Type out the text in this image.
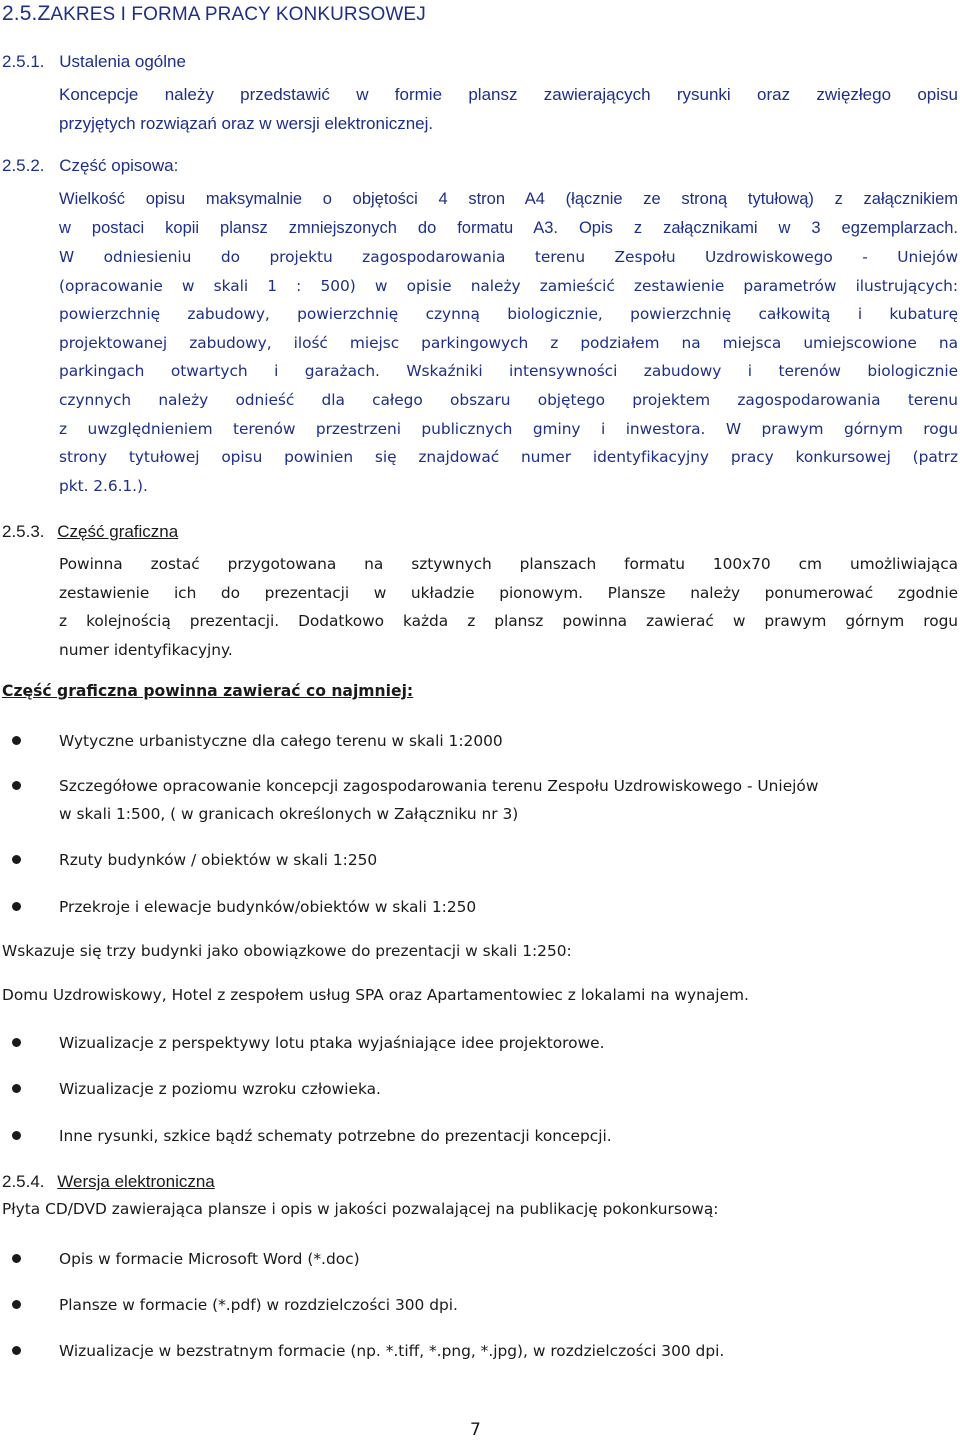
2.5.ZAKRES I FORMA PRACY KONKURSOWEJ
2.5.1. Ustalenia ogólne
Koncepcje należy przedstawić w formie plansz zawierających rysunki oraz zwięzłego opisu
przyjętych rozwiązań oraz w wersji elektronicznej.
2.5.2. Część opisowa:
Wielkość opisu maksymalnie o objętości 4 stron A4 (łącznie ze stroną tytułową) z załącznikiem
w postaci kopii plansz zmniejszonych do formatu A3. Opis z załącznikami w 3 egzemplarzach.
W odniesieniu do projektu zagospodarowania terenu Zespołu Uzdrowiskowego - Uniejów
(opracowanie w skali 1 : 500) w opisie należy zamieścić zestawienie parametrów ilustrujących:
powierzchnię zabudowy, powierzchnię czynną biologicznie, powierzchnię całkowitą i kubaturę
projektowanej zabudowy, ilość miejsc parkingowych z podziałem na miejsca umiejscowione na
parkingach otwartych i garażach. Wskaźniki intensywności zabudowy i terenów biologicznie
czynnych należy odnieść dla całego obszaru objętego projektem zagospodarowania terenu
z uwzględnieniem terenów przestrzeni publicznych gminy i inwestora. W prawym górnym rogu
strony tytułowej opisu powinien się znajdować numer identyfikacyjny pracy konkursowej (patrz
pkt. 2.6.1.).
2.5.3. Część graficzna
Powinna zostać przygotowana na sztywnych planszach formatu 100x70 cm umożliwiająca
zestawienie ich do prezentacji w układzie pionowym. Plansze należy ponumerować zgodnie
z kolejnością prezentacji. Dodatkowo każda z plansz powinna zawierać w prawym górnym rogu
numer identyfikacyjny.
Część graficzna powinna zawierać co najmniej:
Wytyczne urbanistyczne dla całego terenu w skali 1:2000
Szczegółowe opracowanie koncepcji zagospodarowania terenu Zespołu Uzdrowiskowego - Uniejów
w skali 1:500, ( w granicach określonych w Załączniku nr 3)
Rzuty budynków / obiektów w skali 1:250
Przekroje i elewacje budynków/obiektów w skali 1:250
Wskazuje się trzy budynki jako obowiązkowe do prezentacji w skali 1:250:
Domu Uzdrowiskowy, Hotel z zespołem usług SPA oraz Apartamentowiec z lokalami na wynajem.
Wizualizacje z perspektywy lotu ptaka wyjaśniające idee projektorowe.
Wizualizacje z poziomu wzroku człowieka.
Inne rysunki, szkice bądź schematy potrzebne do prezentacji koncepcji.
2.5.4. Wersja elektroniczna
Płyta CD/DVD zawierająca plansze i opis w jakości pozwalającej na publikację pokonkursową:
Opis w formacie Microsoft Word (*.doc)
Plansze w formacie (*.pdf) w rozdzielczości 300 dpi.
Wizualizacje w bezstratnym formacie (np. *.tiff, *.png, *.jpg), w rozdzielczości 300 dpi.
7
